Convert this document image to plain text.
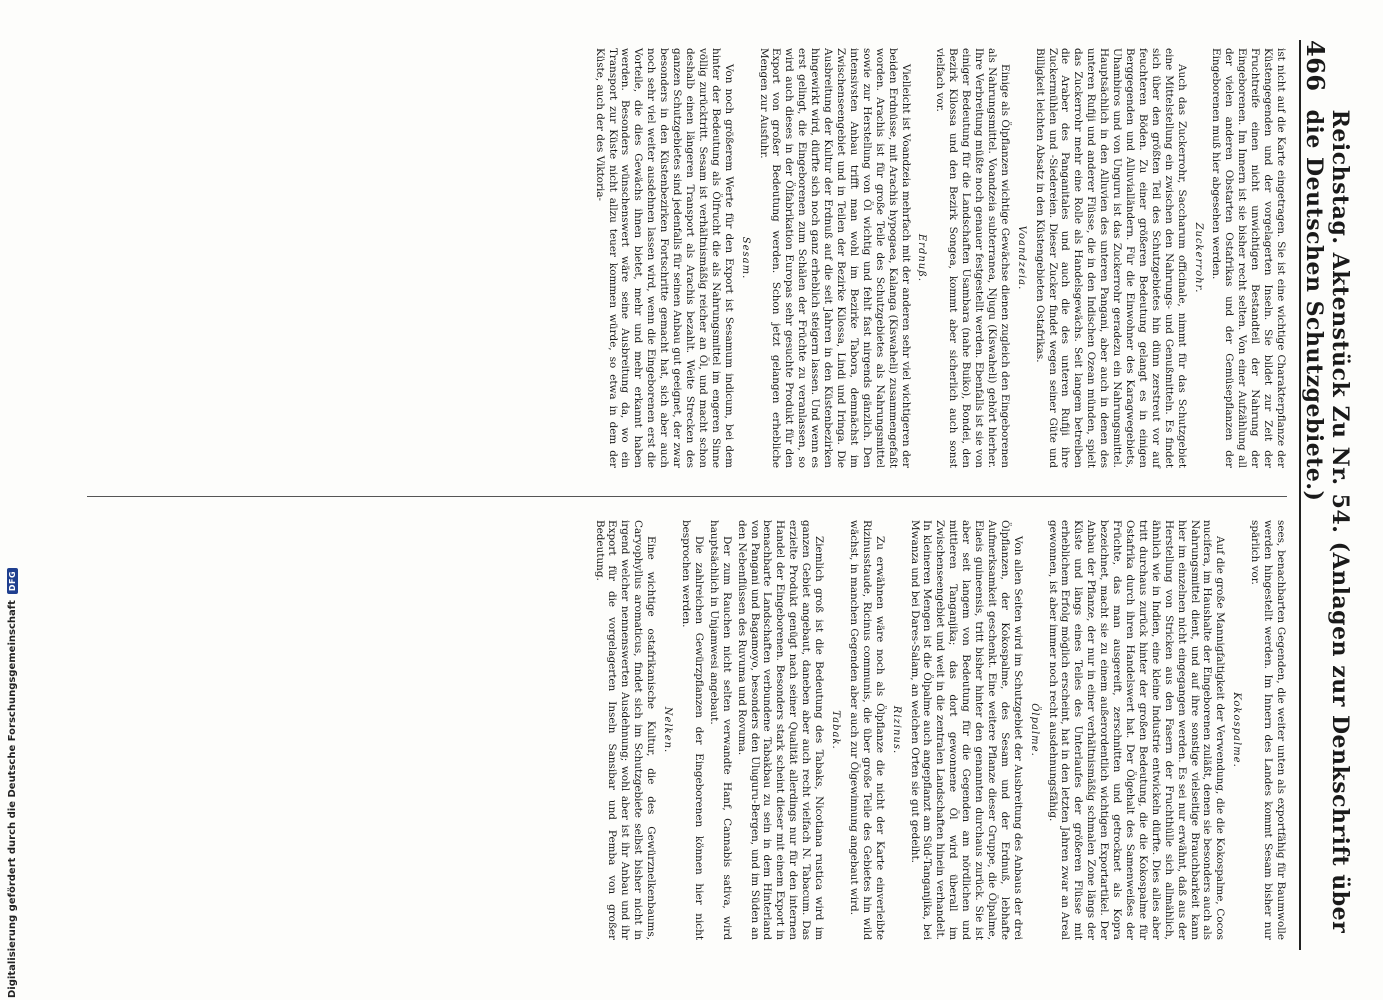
466
Reichstag. Aktenstück Zu Nr. 54. (Anlagen zur Denkschrift über die Deutschen Schutzgebiete.)

ist nicht auf die Karte eingetragen. Sie ist eine wichtige Charakterpflanze der Küstengegenden und der vorgelagerten Inseln. Sie bildet zur Zeit der Fruchtreife einen nicht unwichtigen Bestandteil der Nahrung der Eingeborenen. Im Innern ist sie bisher recht selten. Von einer Aufzählung all der vielen anderen Obstarten Ostafrikas und der Gemüsepflanzen der Eingeborenen muß hier abgesehen werden.

Zuckerrohr.

Auch das Zuckerrohr, Saccharum officinale, nimmt für das Schutzgebiet eine Mittelstellung ein zwischen den Nahrungs- und Genußmitteln. Es findet sich über den größten Teil des Schutzgebietes hin dünn zerstreut vor auf feuchteren Böden. Zu einer größeren Bedeutung gelangt es in einigen Berggegenden und Alluvialländern. Für die Einwohner des Karagwegebiets, Uhambiros und von Unguru ist das Zuckerrohr geradezu ein Nahrungsmittel. Hauptsächlich in den Alluvien des unteren Pangani, aber auch in denen des unteren Rufiji und anderer Flüsse, die in den Indischen Ozean münden, spielt das Zuckerrohr mehr eine Rolle als Handelsgewächs. Seit langem betreiben die Araber des Panganitales und auch die des unteren Rufiji ihre Zuckermühlen und -Siedereien. Dieser Zucker findet wegen seiner Güte und Billigkeit leichten Absatz in den Küstengebieten Ostafrikas.

Voandzeia.

Einige als Ölpflanzen wichtige Gewächse dienen zugleich den Eingeborenen als Nahrungsmittel. Voandzeia subterranea, Njugu (Kiswaheli) gehört hierher. Ihre Verbreitung müßte noch genauer festgestellt werden. Ebenfalls ist sie von einiger Bedeutung für die Landschaften Usambara (nahe Buiko), Bondei, den Bezirk Kilossa und den Bezirk Songea, kommt aber sicherlich auch sonst vielfach vor.

Erdnuß.

Vielleicht ist Voandzeia mehrfach mit der anderen sehr viel wichtigeren der beiden Erdnüsse, mit Arachis hypogaea, Kalanga (Kiswaheli) zusammengefaßt worden. Arachis ist für große Teile des Schutzgebietes als Nahrungsmittel sowie zur Herstellung von Öl wichtig und fehlt fast nirgends gänzlich. Den intensivsten Anbau trifft man wohl im Bezirke Tabora, demnächst im Zwischenseengebiet und in Teilen der Bezirke Kilossa, Lindi und Iringa. Die Ausbreitung der Kultur der Erdnuß auf die seit Jahren in den Küstenbezirken hingewirkt wird, dürfte sich noch ganz erheblich steigern lassen. Und wenn es erst gelingt, die Eingeborenen zum Schälen der Früchte zu veranlassen, so wird auch dieses in der Ölfabrikation Europas sehr gesuchte Produkt für den Export von großer Bedeutung werden. Schon jetzt gelangen erhebliche Mengen zur Ausfuhr.

Sesam.

Von noch größerem Werte für den Export ist Sesamum indicum, bei dem hinter der Bedeutung als Ölfrucht die als Nahrungsmittel im engeren Sinne völlig zurücktritt. Sesam ist verhältnismäßig reicher an Öl, und macht schon deshalb einen längeren Transport als Arachis bezahlt. Weite Strecken des ganzen Schutzgebietes sind jedenfalls für seinen Anbau gut geeignet, der zwar besonders in den Küstenbezirken Fortschritte gemacht hat, sich aber auch noch sehr viel weiter ausdehnen lassen wird, wenn die Eingeborenen erst die Vorteile, die dies Gewächs ihnen bietet, mehr und mehr erkannt haben werden. Besonders wünschenswert wäre seine Ausbreitung da, wo ein Transport zur Küste nicht allzu teuer kommen würde, so etwa in dem der Küste, auch der des Viktoria-

sees, benachbarten Gegenden, die weiter unten als exportfähig für Baumwolle werden hingestellt werden. Im Innern des Landes kommt Sesam bisher nur spärlich vor.

Kokospalme.

Auf die große Mannigfaltigkeit der Verwendung, die die Kokospalme, Cocos nucifera, im Haushalte der Eingeborenen zuläßt, denen sie besonders auch als Nahrungsmittel dient, und auf ihre sonstige vielseitige Brauchbarkeit kann hier im einzelnen nicht eingegangen werden. Es sei nur erwähnt, daß aus der Herstellung von Stricken aus den Fasern der Fruchthülle sich allmählich, ähnlich wie in Indien, eine kleine Industrie entwickeln dürfte. Dies alles aber tritt durchaus zurück hinter der großen Bedeutung, die die Kokospalme für Ostafrika durch ihren Handelswert hat. Der Ölgehalt des Samenweißes der Früchte, das man ausgereift, zerschnitten und getrocknet als Kopra bezeichnet, macht sie zu einem außerordentlich wichtigen Exportartikel. Der Anbau der Pflanze, der nur in einer verhältnismäßig schmalen Zone längs der Küste und längs eines Teiles des Unterlaufes der größeren Flüsse mit erheblichem Erfolg möglich erscheint, hat in den letzten Jahren zwar an Areal gewonnen, ist aber immer noch recht ausdehnungsfähig.

Ölpalme.

Von allen Seiten wird im Schutzgebiet der Ausbreitung des Anbaus der drei Ölpflanzen, der Kokospalme, des Sesam und der Erdnuß, lebhafte Aufmerksamkeit geschenkt. Eine weitere Pflanze dieser Gruppe, die Ölpalme, Elaeis guineensis, tritt bisher hinter den genannten durchaus zurück. Sie ist aber seit langem von Bedeutung für die Gegenden am nördlichen und mittleren Tanganjika; das dort gewonnene Öl wird überall im Zwischenseengebiet und weit in die zentralen Landschaften hinein verhandelt. In kleineren Mengen ist die Ölpalme auch angepflanzt am Süd-Tanganjika, bei Mwanza und bei Dares-Salam, an welchen Orten sie gut gedeiht.

Rizinus.

Zu erwähnen wäre noch als Ölpflanze die nicht der Karte einverleibte Rizinusstaude, Ricinus communis, die über große Teile des Gebietes hin wild wächst, in manchen Gegenden aber auch zur Ölgewinnung angebaut wird.

Tabak.

Ziemlich groß ist die Bedeutung des Tabaks, Nicotiana rustica wird im ganzen Gebiet angebaut, daneben aber auch recht vielfach N. Tabacum. Das erzielte Produkt genügt nach seiner Qualität allerdings nur für den internen Handel der Eingeborenen. Besonders stark scheint dieser mit einem Export in benachbarte Landschaften verbundene Tabakbau zu sein in dem Hinterland von Pangani und Bagamoyo, besonders den Uluguru-Bergen, und im Süden an den Nebenflüssen des Ruvuma und Rovuma.

Der zum Rauchen nicht selten verwandte Hanf, Cannabis sativa, wird hauptsächlich in Unjamwesi angebaut.

Die zahlreichen Gewürzpflanzen der Eingeborenen können hier nicht besprochen werden.

Nelken.

Eine wichtige ostafrikanische Kultur, die des Gewürznelkenbaums, Caryophyllus aromaticus, findet sich im Schutzgebiete selbst bisher nicht in irgend welcher nennenswerten Ausdehnung; wohl aber ist ihr Anbau und ihr Export für die vorgelagerten Inseln Sansibar und Pemba von großer Bedeutung.

Digitalisierung gefördert durch die Deutsche Forschungsgemeinschaft
DFG
